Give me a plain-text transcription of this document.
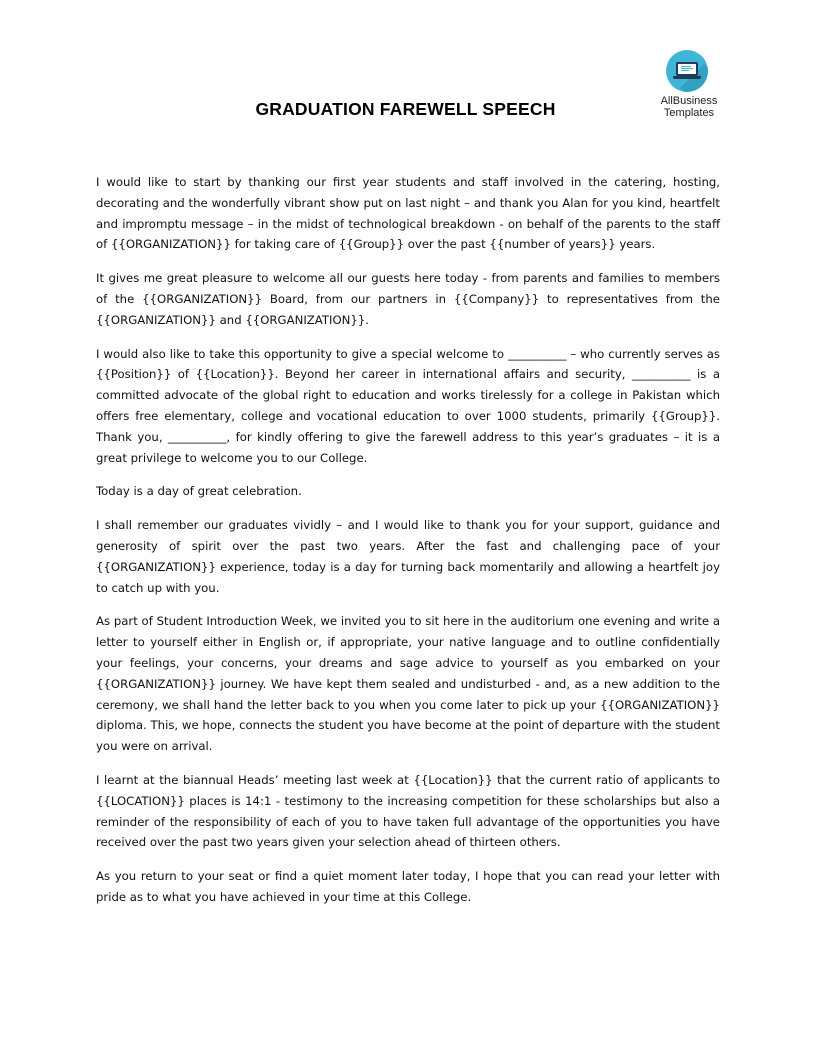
AllBusiness
Templates
GRADUATION FAREWELL SPEECH

I would like to start by thanking our first year students and staff involved in the catering, hosting, decorating and the wonderfully vibrant show put on last night – and thank you Alan for you kind, heartfelt and impromptu message – in the midst of technological breakdown - on behalf of the parents to the staff of {{ORGANIZATION}} for taking care of {{Group}} over the past {{number of years}} years.

It gives me great pleasure to welcome all our guests here today - from parents and families to members of the {{ORGANIZATION}} Board, from our partners in {{Company}} to representatives from the {{ORGANIZATION}} and {{ORGANIZATION}}.

I would also like to take this opportunity to give a special welcome to __________ – who currently serves as {{Position}} of {{Location}}. Beyond her career in international affairs and security, __________ is a committed advocate of the global right to education and works tirelessly for a college in Pakistan which offers free elementary, college and vocational education to over 1000 students, primarily {{Group}}. Thank you, __________, for kindly offering to give the farewell address to this year’s graduates – it is a great privilege to welcome you to our College.

Today is a day of great celebration.

I shall remember our graduates vividly – and I would like to thank you for your support, guidance and generosity of spirit over the past two years. After the fast and challenging pace of your {{ORGANIZATION}} experience, today is a day for turning back momentarily and allowing a heartfelt joy to catch up with you.

As part of Student Introduction Week, we invited you to sit here in the auditorium one evening and write a letter to yourself either in English or, if appropriate, your native language and to outline confidentially your feelings, your concerns, your dreams and sage advice to yourself as you embarked on your {{ORGANIZATION}} journey. We have kept them sealed and undisturbed - and, as a new addition to the ceremony, we shall hand the letter back to you when you come later to pick up your {{ORGANIZATION}} diploma. This, we hope, connects the student you have become at the point of departure with the student you were on arrival.

I learnt at the biannual Heads’ meeting last week at {{Location}} that the current ratio of applicants to {{LOCATION}} places is 14:1 - testimony to the increasing competition for these scholarships but also a reminder of the responsibility of each of you to have taken full advantage of the opportunities you have received over the past two years given your selection ahead of thirteen others.

As you return to your seat or find a quiet moment later today, I hope that you can read your letter with pride as to what you have achieved in your time at this College.
